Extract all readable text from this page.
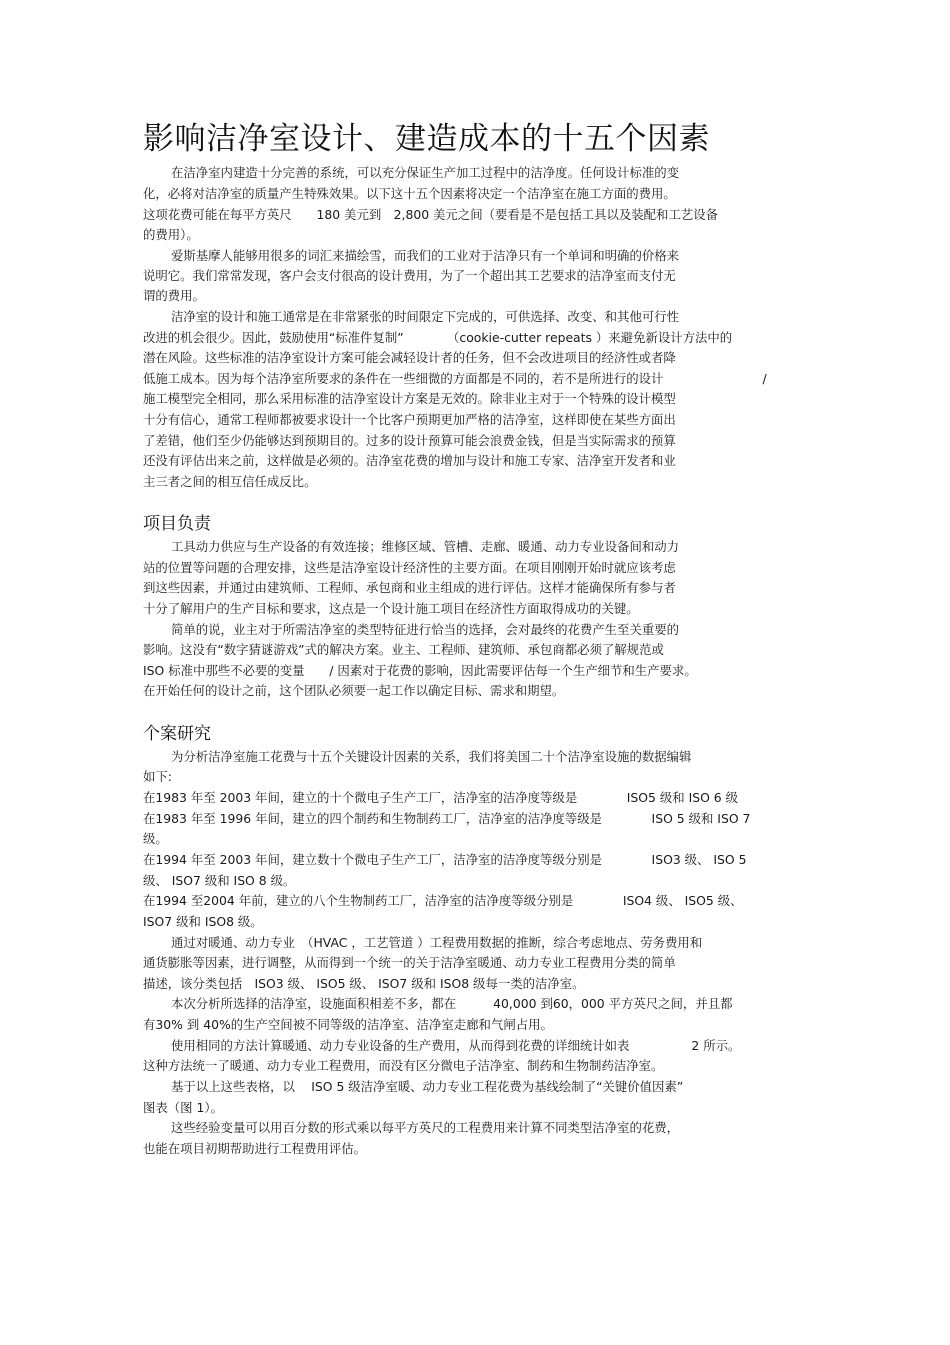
影响洁净室设计、建造成本的十五个因素
在洁净室内建造十分完善的系统，可以充分保证生产加工过程中的洁净度。任何设计标准的变
化，必将对洁净室的质量产生特殊效果。以下这十五个因素将决定一个洁净室在施工方面的费用。
这项花费可能在每平方英尺　　180 美元到　2,800 美元之间（要看是不是包括工具以及装配和工艺设备
的费用）。
爱斯基摩人能够用很多的词汇来描绘雪，而我们的工业对于洁净只有一个单词和明确的价格来
说明它。我们常常发现，客户会支付很高的设计费用，为了一个超出其工艺要求的洁净室而支付无
谓的费用。
洁净室的设计和施工通常是在非常紧张的时间限定下完成的，可供选择、改变、和其他可行性
改进的机会很少。因此，鼓励使用“标准件复制”　　　　（cookie-cutter repeats ）来避免新设计方法中的
潜在风险。这些标准的洁净室设计方案可能会减轻设计者的任务，但不会改进项目的经济性或者降
低施工成本。因为每个洁净室所要求的条件在一些细微的方面都是不同的，若不是所进行的设计　　　　　　　　/
施工模型完全相同，那么采用标准的洁净室设计方案是无效的。除非业主对于一个特殊的设计模型
十分有信心，通常工程师都被要求设计一个比客户预期更加严格的洁净室，这样即使在某些方面出
了差错，他们至少仍能够达到预期目的。过多的设计预算可能会浪费金钱，但是当实际需求的预算
还没有评估出来之前，这样做是必须的。洁净室花费的增加与设计和施工专家、洁净室开发者和业
主三者之间的相互信任成反比。
项目负责
工具动力供应与生产设备的有效连接；维修区域、管槽、走廊、暖通、动力专业设备间和动力
站的位置等问题的合理安排，这些是洁净室设计经济性的主要方面。在项目刚刚开始时就应该考虑
到这些因素，并通过由建筑师、工程师、承包商和业主组成的进行评估。这样才能确保所有参与者
十分了解用户的生产目标和要求，这点是一个设计施工项目在经济性方面取得成功的关键。
简单的说，业主对于所需洁净室的类型特征进行恰当的选择，会对最终的花费产生至关重要的
影响。这没有“数字猜谜游戏”式的解决方案。业主、工程师、建筑师、承包商都必须了解规范或
ISO 标准中那些不必要的变量　　/ 因素对于花费的影响，因此需要评估每一个生产细节和生产要求。
在开始任何的设计之前，这个团队必须要一起工作以确定目标、需求和期望。
个案研究
为分析洁净室施工花费与十五个关键设计因素的关系，我们将美国二十个洁净室设施的数据编辑
如下:
在1983 年至 2003 年间，建立的十个微电子生产工厂，洁净室的洁净度等级是　　　　ISO5 级和 ISO 6 级
在1983 年至 1996 年间，建立的四个制药和生物制药工厂，洁净室的洁净度等级是　　　　ISO 5 级和 ISO 7
级。
在1994 年至 2003 年间，建立数十个微电子生产工厂，洁净室的洁净度等级分别是　　　　ISO3 级、 ISO 5
级、 ISO7 级和 ISO 8 级。
在1994 至2004 年前，建立的八个生物制药工厂，洁净室的洁净度等级分别是　　　　ISO4 级、 ISO5 级、
ISO7 级和 ISO8 级。
通过对暖通、动力专业　（HVAC ，工艺管道 ）工程费用数据的推断，综合考虑地点、劳务费用和
通货膨胀等因素，进行调整，从而得到一个统一的关于洁净室暖通、动力专业工程费用分类的简单
描述，该分类包括　ISO3 级、 ISO5 级、 ISO7 级和 ISO8 级每一类的洁净室。
本次分析所选择的洁净室，设施面积相差不多，都在　　　40,000 到60，000 平方英尺之间，并且都
有30% 到 40%的生产空间被不同等级的洁净室、洁净室走廊和气闸占用。
使用相同的方法计算暖通、动力专业设备的生产费用，从而得到花费的详细统计如表　　　　　2 所示。
这种方法统一了暖通、动力专业工程费用，而没有区分微电子洁净室、制药和生物制药洁净室。
基于以上这些表格，以　 ISO 5 级洁净室暖、动力专业工程花费为基线绘制了“关键价值因素”
图表（图 1）。
这些经验变量可以用百分数的形式乘以每平方英尺的工程费用来计算不同类型洁净室的花费，
也能在项目初期帮助进行工程费用评估。
